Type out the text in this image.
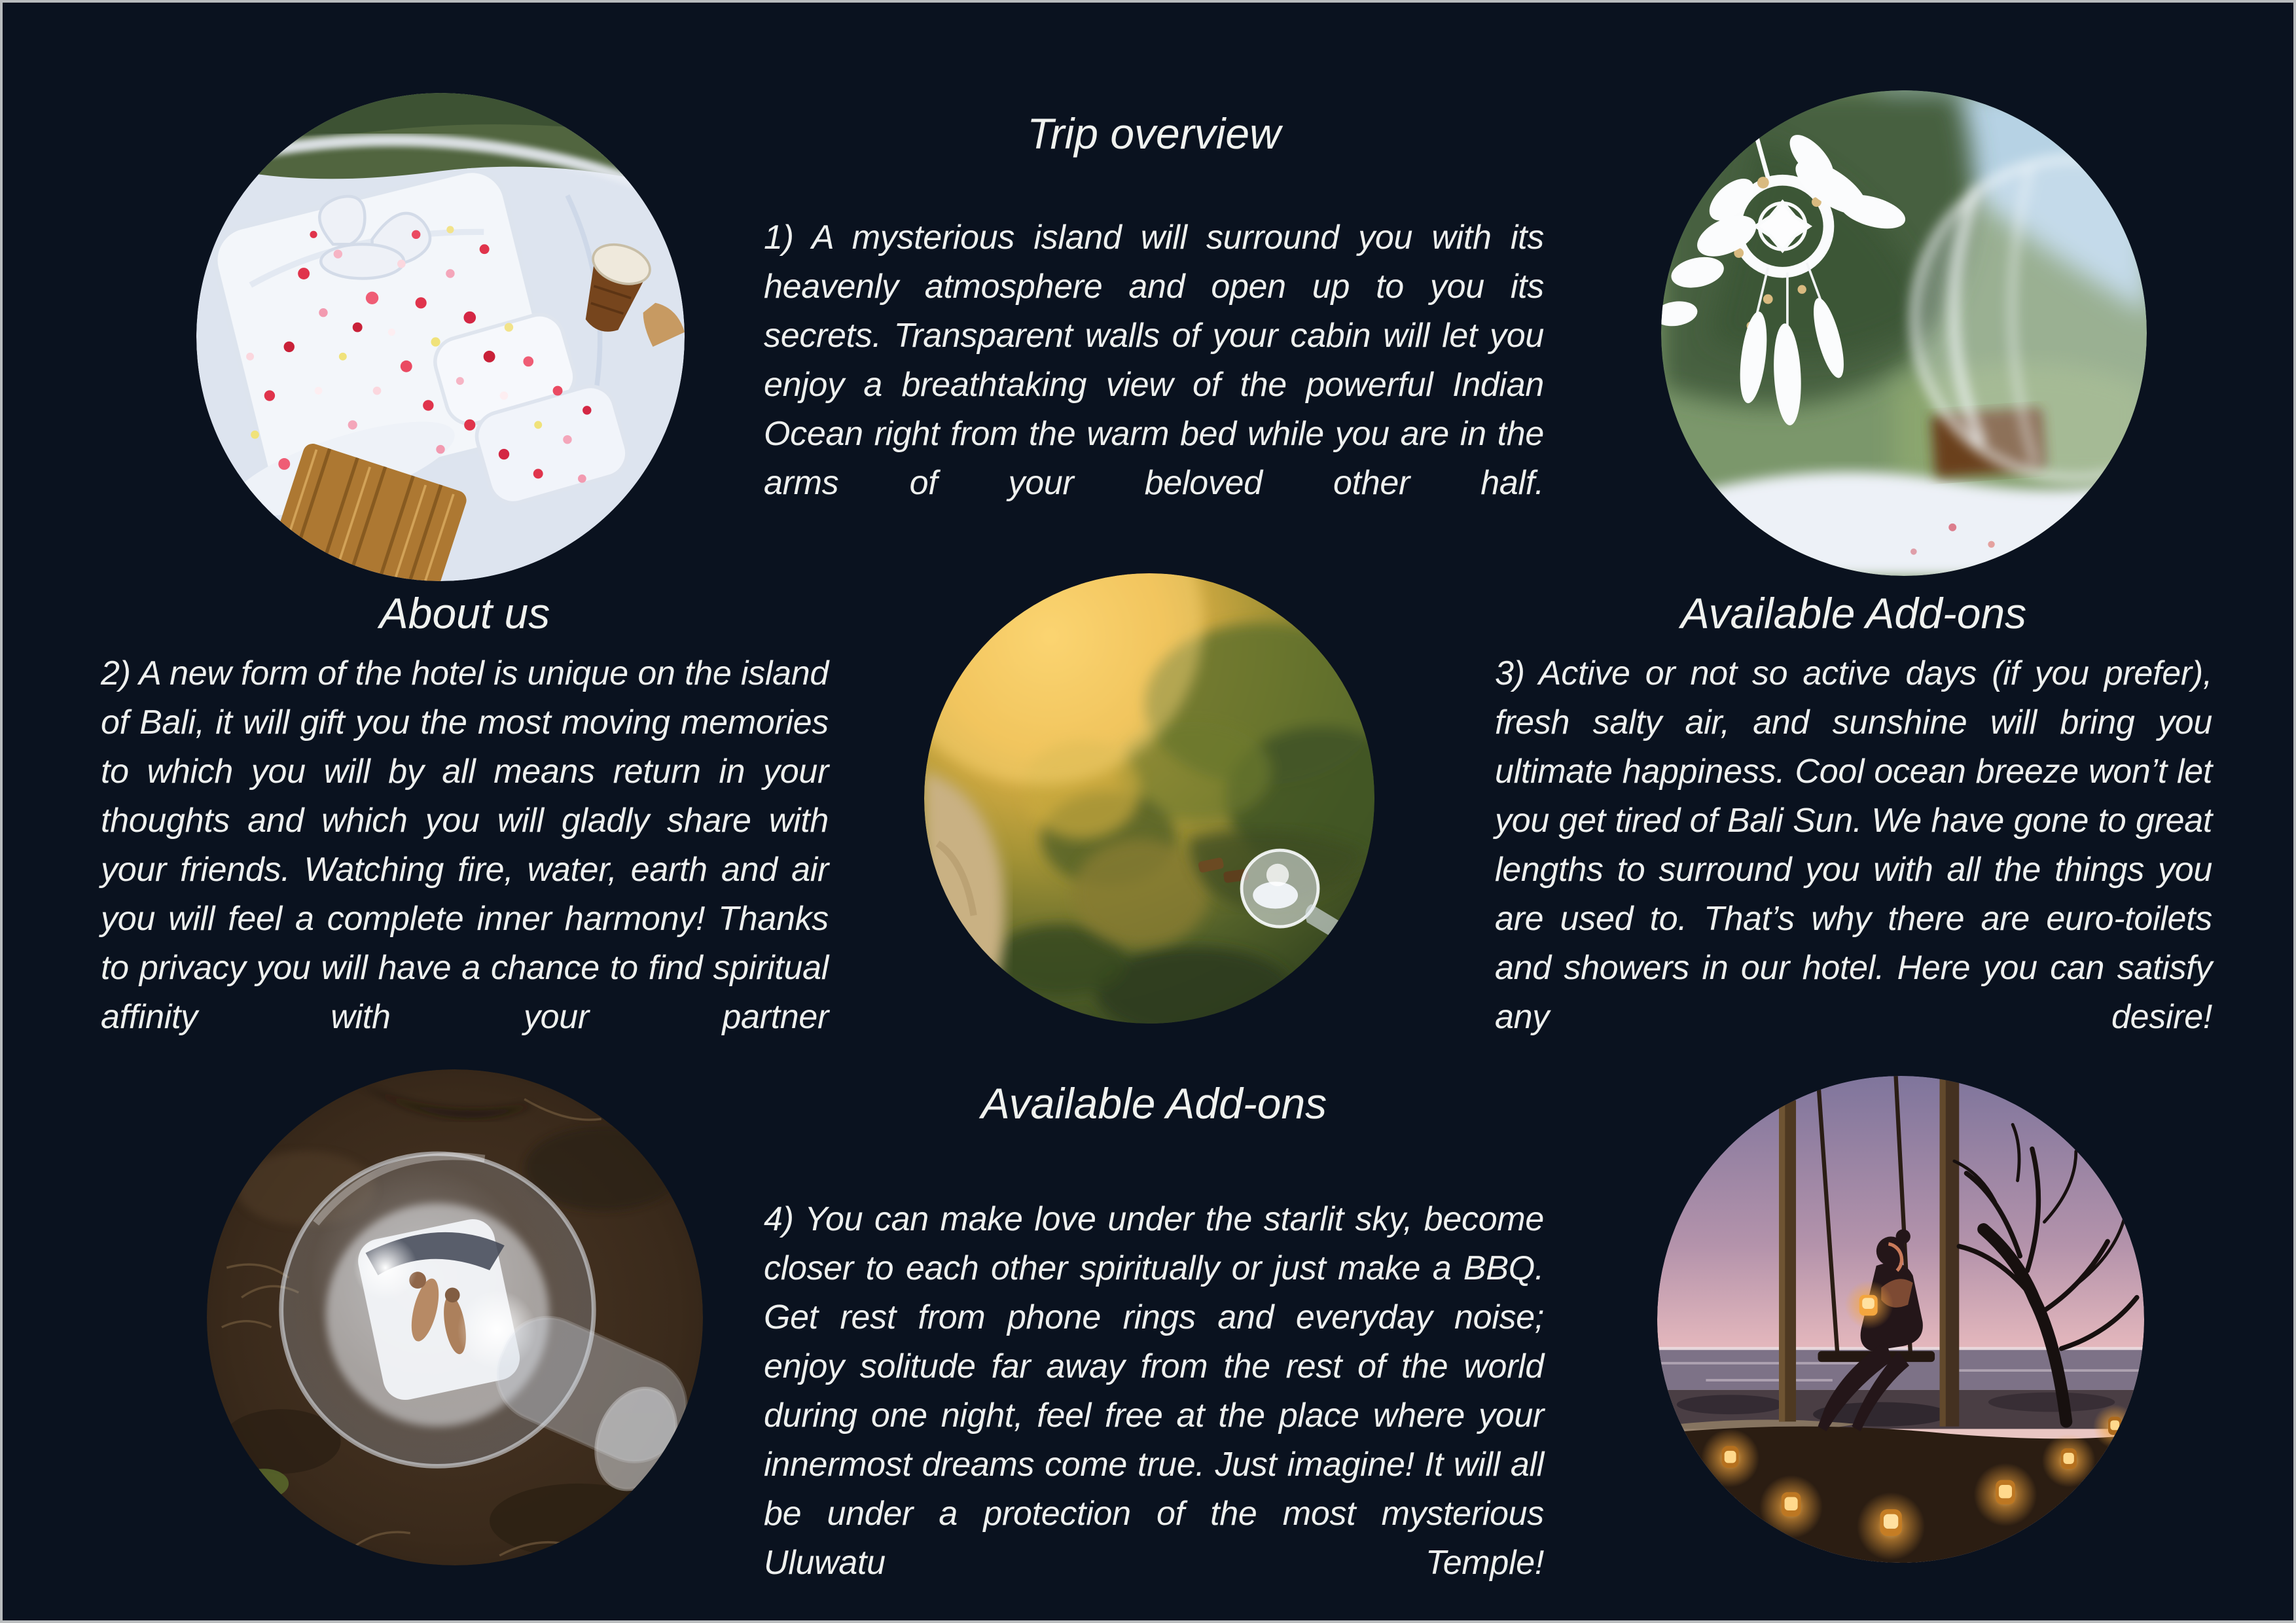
Trip overview

1) A mysterious island will surround you with its heavenly atmosphere and open up to you its secrets. Transparent walls of your cabin will let you enjoy a breathtaking view of the powerful Indian Ocean right from the warm bed while you are in the arms of your beloved other half.

About us

2) A new form of the hotel is unique on the island of Bali, it will gift you the most moving memories to which you will by all means return in your thoughts and which you will gladly share with your friends. Watching fire, water, earth and air you will feel a complete inner harmony! Thanks to privacy you will have a chance to find spiritual affinity with your partner

Available Add-ons

3) Active or not so active days (if you prefer), fresh salty air, and sunshine will bring you ultimate happiness. Cool ocean breeze won’t let you get tired of Bali Sun. We have gone to great lengths to surround you with all the things you are used to. That’s why there are euro-toilets and showers in our hotel. Here you can satisfy any desire!

Available Add-ons

4) You can make love under the starlit sky, become closer to each other spiritually or just make a BBQ. Get rest from phone rings and everyday noise; enjoy solitude far away from the rest of the world during one night, feel free at the place where your innermost dreams come true. Just imagine! It will all be under a protection of the most mysterious Uluwatu Temple!
